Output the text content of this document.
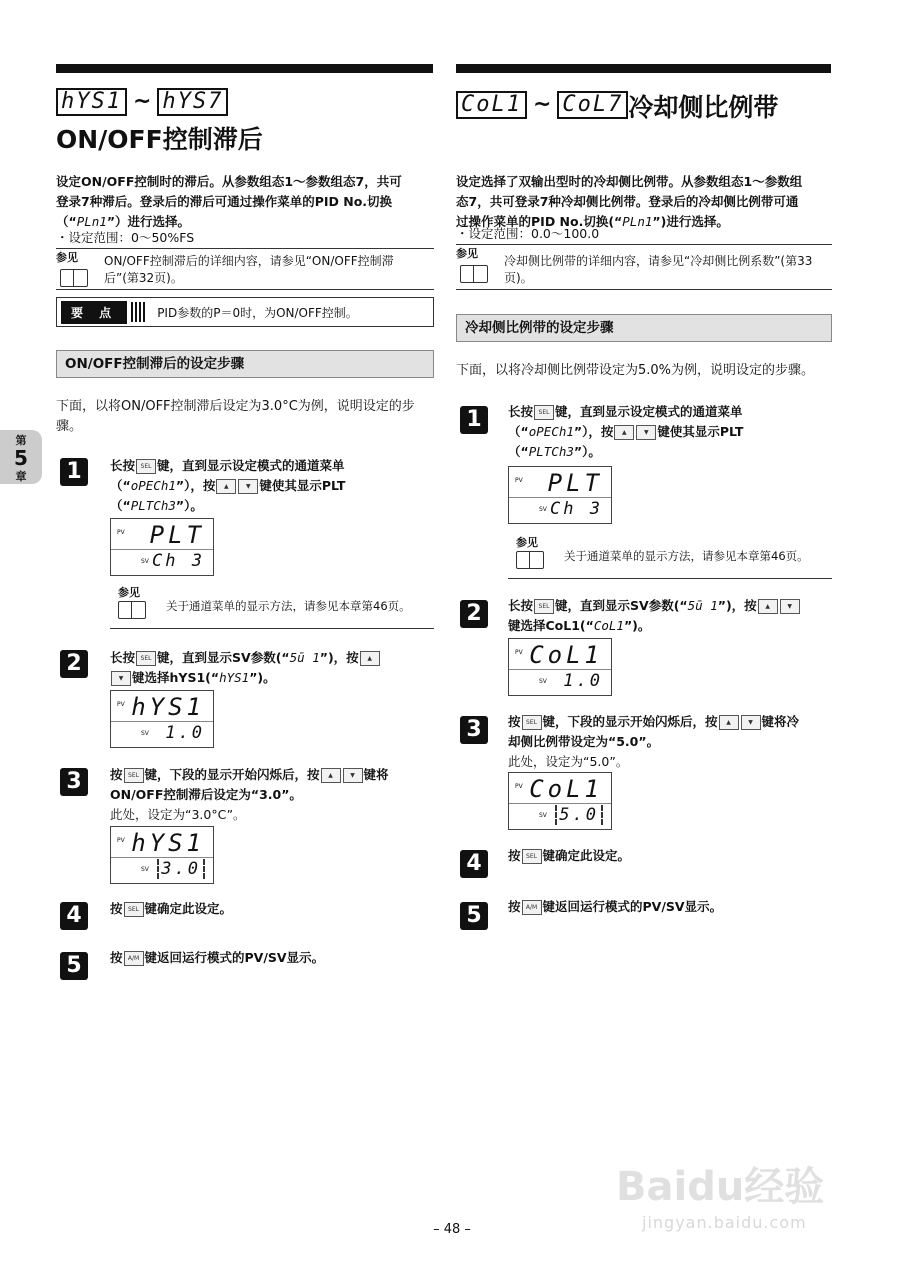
第
5
章
hYS1 ~ hYS7
ON/OFF控制滞后
设定ON/OFF控制时的滞后。从参数组态1～参数组态7，共可
登录7种滞后。登录后的滞后可通过操作菜单的PID No.切换
（“PLn1”）进行选择。
・设定范围：0～50%FS
参见	ON/OFF控制滞后的详细内容，请参见“ON/OFF控制滞后”(第32页)。
要 点	PID参数的P＝0时，为ON/OFF控制。
ON/OFF控制滞后的设定步骤
下面，以将ON/OFF控制滞后设定为3.0°C为例，说明设定的步骤。
1	长按 SEL 键，直到显示设定模式的通道菜单
（“oPECh1”），按 ▲	▼ 键使其显示PLT
（“PLTCh3”）。
PV PLT
SV Ch 3
参见
关于通道菜单的显示方法，请参见本章第46页。
2	长按 SEL 键，直到显示SV参数(“5ū 1”)，按 ▲
▼ 键选择hYS1(“hYS1”)。
PV hYS1
SV 1.0
3	按 SEL 键，下段的显示开始闪烁后，按 ▲	▼ 键将
ON/OFF控制滞后设定为“3.0”。
此处，设定为“3.0°C”。
PV hYS1
SV 3.0
4	按 SEL 键确定此设定。
5	按 A/M 键返回运行模式的PV/SV显示。
CoL1 ~ CoL7 冷却侧比例带
设定选择了双输出型时的冷却侧比例带。从参数组态1～参数组
态7，共可登录7种冷却侧比例带。登录后的冷却侧比例带可通
过操作菜单的PID No.切换(“PLn1”)进行选择。
・设定范围：0.0～100.0
参见
冷却侧比例带的详细内容，请参见“冷却侧比例系数”(第33页)。
冷却侧比例带的设定步骤
下面，以将冷却侧比例带设定为5.0%为例，说明设定的步骤。
1	长按 SEL 键，直到显示设定模式的通道菜单
（“oPECh1”），按 ▲	▼ 键使其显示PLT
（“PLTCh3”）。
PV PLT
SV Ch 3
参见
关于通道菜单的显示方法，请参见本章第46页。
2	长按 SEL 键，直到显示SV参数(“5ū 1”)，按 ▲	▼
键选择CoL1(“CoL1”)。
PV CoL1
SV 1.0
3	按 SEL 键，下段的显示开始闪烁后，按 ▲	▼ 键将冷
却侧比例带设定为“5.0”。
此处，设定为“5.0”。
PV CoL1
SV 5.0
4	按 SEL 键确定此设定。
5	按 A/M 键返回运行模式的PV/SV显示。
Baidu经验
jingyan.baidu.com
– 48 –
